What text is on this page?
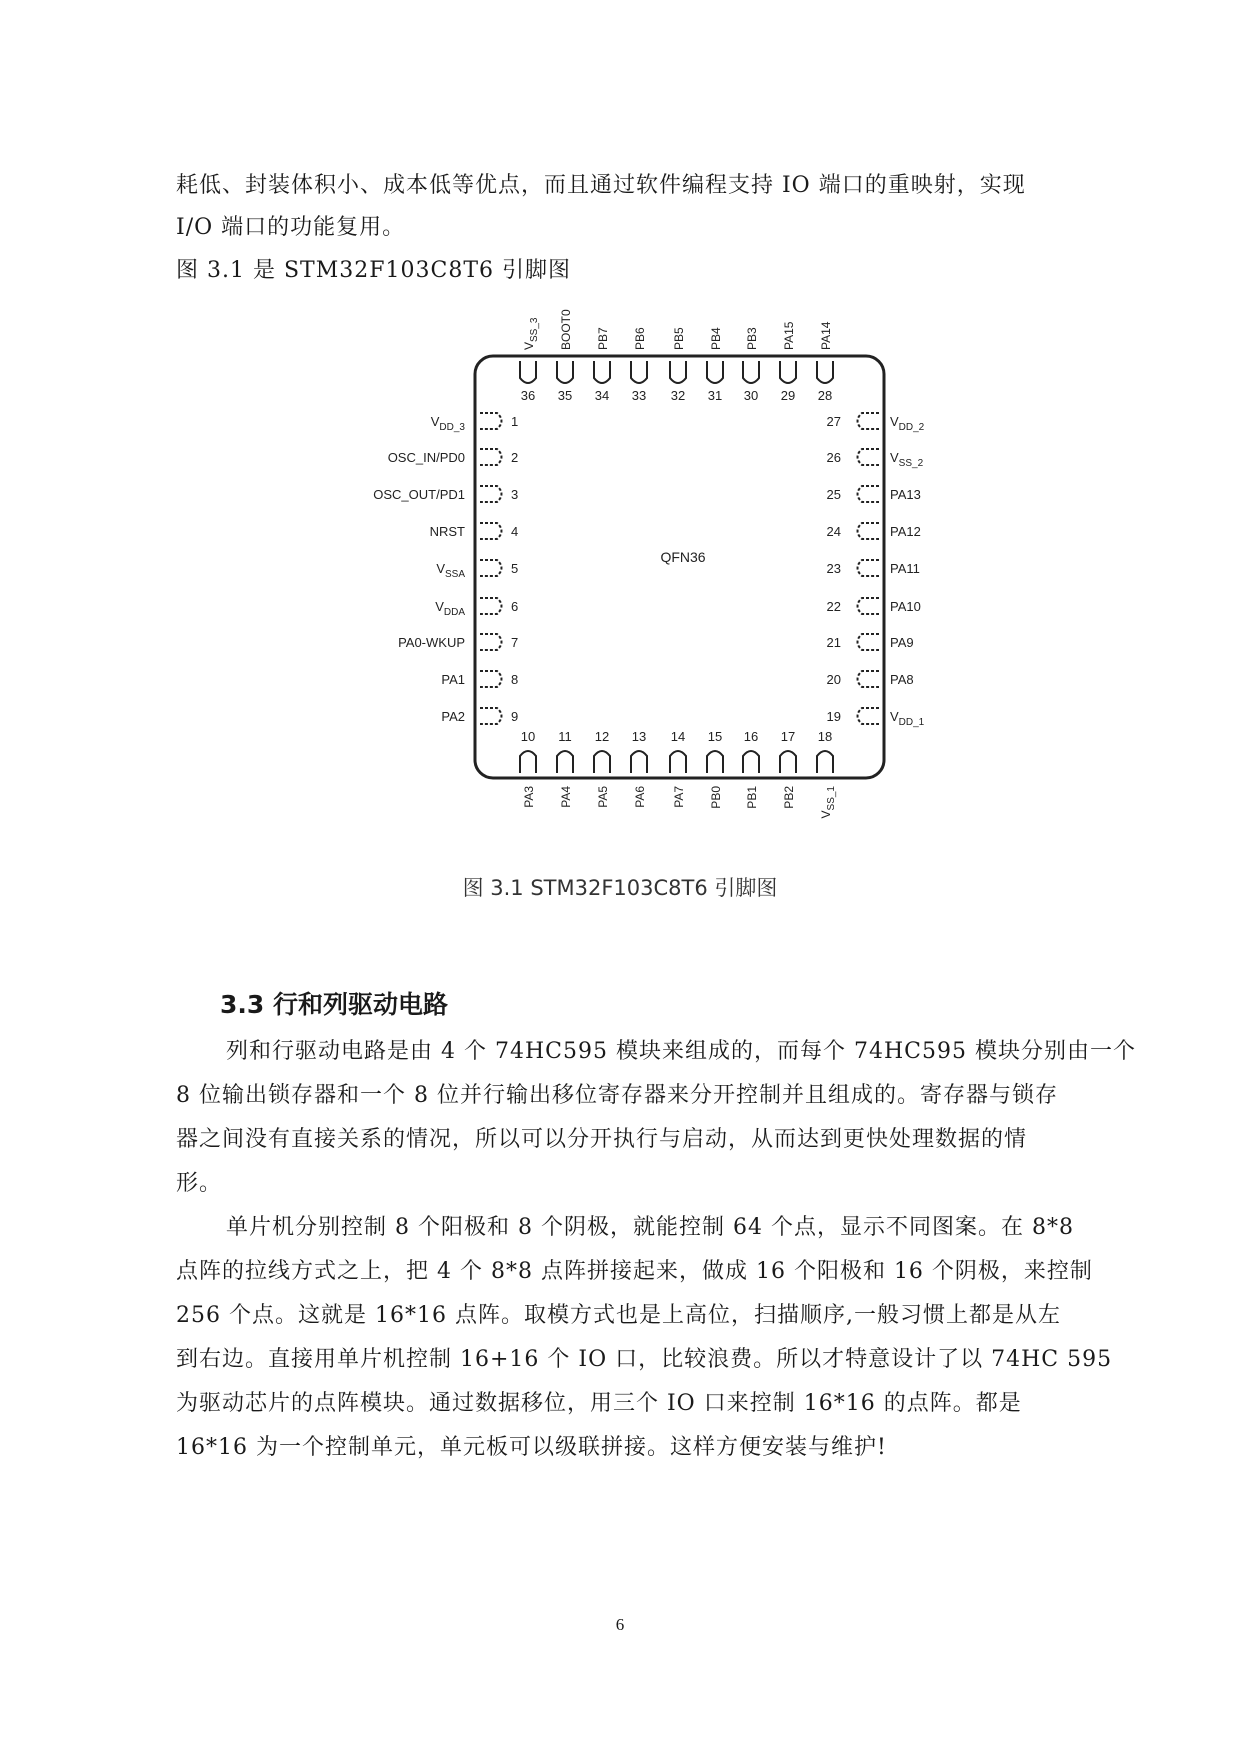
耗低、封装体积小、成本低等优点，而且通过软件编程支持 IO 端口的重映射，实现
I/O 端口的功能复用。
图 3.1 是 STM32F103C8T6 引脚图
QFN36
36
$V_{SS\_3}$
35
BOOT0
34
PB7
33
PB6
32
PB5
31
PB4
30
PB3
29
PA15
28
PA14
10
PA3
11
PA4
12
PA5
13
PA6
14
PA7
15
PB0
16
PB1
17
PB2
18
$V_{SS\_1}$
1
$V_{DD\_3}$
2
OSC_IN/PD0
3
OSC_OUT/PD1
4
NRST
5
$V_{SSA}$
6
$V_{DDA}$
7
PA0-WKUP
8
PA1
9
PA2
27	$V_{DD\_2}$
26	$V_{SS\_2}$
25	PA13
24	PA12
23	PA11
22	PA10
21	PA9
20	PA8
19	$V_{DD\_1}$
图 3.1 STM32F103C8T6 引脚图
3.3 行和列驱动电路
列和行驱动电路是由 4 个 74HC595 模块来组成的，而每个 74HC595 模块分别由一个
8 位输出锁存器和一个 8 位并行输出移位寄存器来分开控制并且组成的。寄存器与锁存
器之间没有直接关系的情况，所以可以分开执行与启动，从而达到更快处理数据的情
形。
单片机分别控制 8 个阳极和 8 个阴极，就能控制 64 个点，显示不同图案。在 8*8
点阵的拉线方式之上，把 4 个 8*8 点阵拼接起来，做成 16 个阳极和 16 个阴极，来控制
256 个点。这就是 16*16 点阵。取模方式也是上高位，扫描顺序,一般习惯上都是从左
到右边。直接用单片机控制 16+16 个 IO 口，比较浪费。所以才特意设计了以 74HC 595
为驱动芯片的点阵模块。通过数据移位，用三个 IO 口来控制 16*16 的点阵。都是
16*16 为一个控制单元，单元板可以级联拼接。这样方便安装与维护!
6
